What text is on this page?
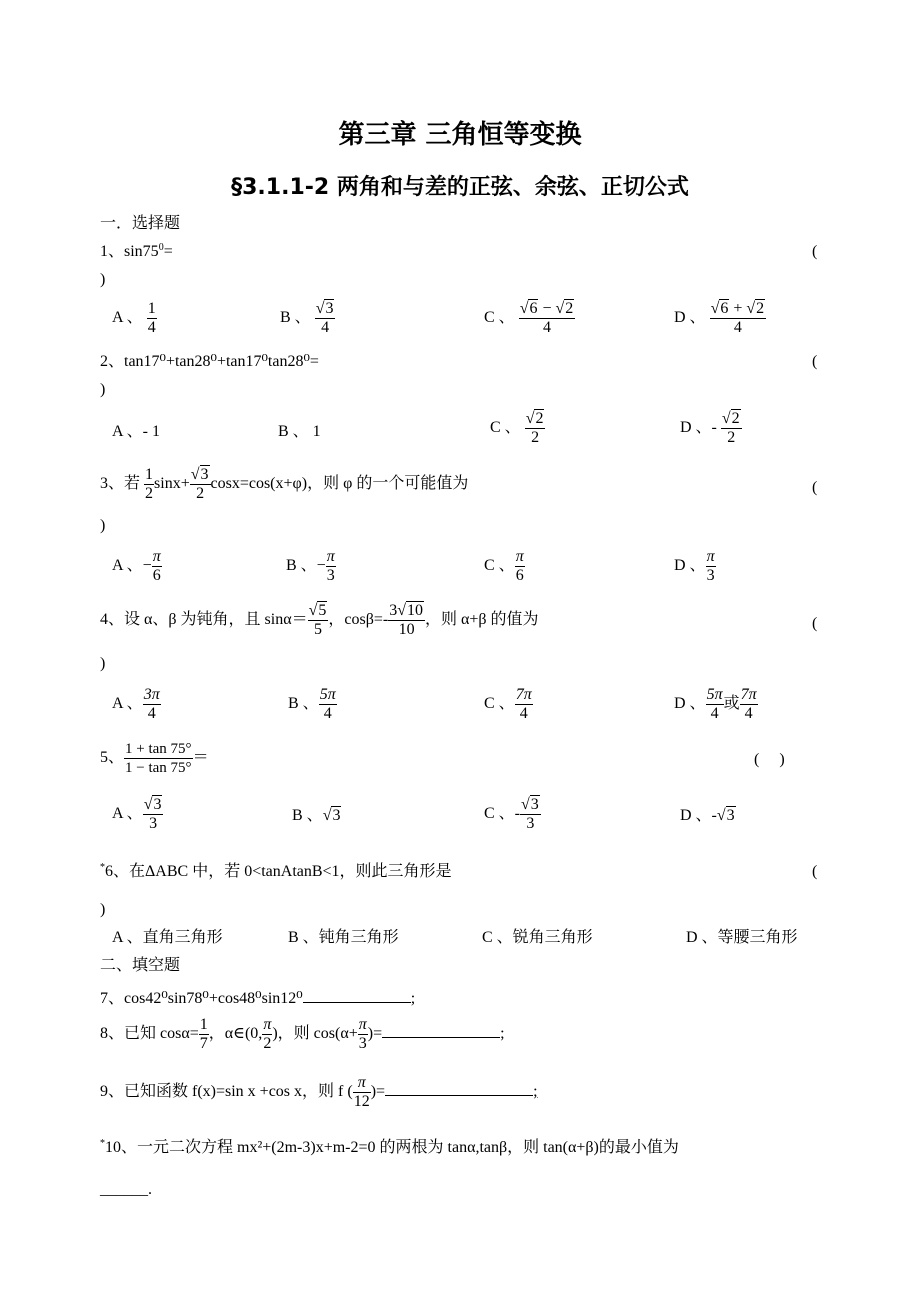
第三章 三角恒等变换
§3.1.1-2 两角和与差的正弦、余弦、正切公式
一．选择题
1、$\sin 75^0=$	(
)
A 、 $\frac{1}{4}$	B 、 $\frac{√3}{4}$	C 、 $\frac{√6 - √2}{4}$	D 、 $\frac{√6 + √2}{4}$
2、tan17⁰+tan28⁰+tan17⁰tan28⁰=	(
)
A 、- 1	B 、 1	C 、 $\frac{√2}{2}$	D 、- $\frac{√2}{2}$
3、若 $\frac{1}{2} \sin x+ \frac{√3}{2} \cos x=\cos(x+\varphi)$，则 φ 的一个可能值为	(
)
A 、− $\frac{\pi}{6}$	B 、− $\frac{\pi}{3}$	C 、 $\frac{\pi}{6}$	D 、 $\frac{\pi}{3}$
4、设 α、β 为钝角，且 $\sin\alpha= \frac{√5}{5}$ ，$\cos\beta=- \frac{3√10}{10}$ ，则 α+β 的值为	(
)
A 、 $\frac{3\pi}{4}$	B 、 $\frac{5\pi}{4}$	C 、 $\frac{7\pi}{4}$	D 、 $\frac{5\pi}{4}$ 或 $\frac{7\pi}{4}$
5、 $\frac{1 + \tan 75^\circ}{1 - \tan 75^\circ}$ ＝	(     )
A 、 $\frac{√3}{3}$	B 、√3	C 、- $\frac{√3}{3}$	D 、-√3
*6、在ΔABC 中，若 0<tanAtanB<1，则此三角形是	(
)
A 、直角三角形	B 、钝角三角形	C 、锐角三角形	D 、等腰三角形
二、填空题
7、cos42⁰sin78⁰+cos48⁰sin12⁰	;
8、已知 $\cos\alpha= \frac{1}{7}$ ，α∈(0, $\frac{\pi}{2}$ )，则 $\cos(\alpha+ \frac{\pi}{3}$ )=	;
9、已知函数 f(x)=sin x +cos x，则 f ( $\frac{\pi}{12}$ )=	;
*10、一元二次方程 mx²+(2m-3)x+m-2=0 的两根为 tanα,tanβ，则 tan(α+β)的最小值为
______.
